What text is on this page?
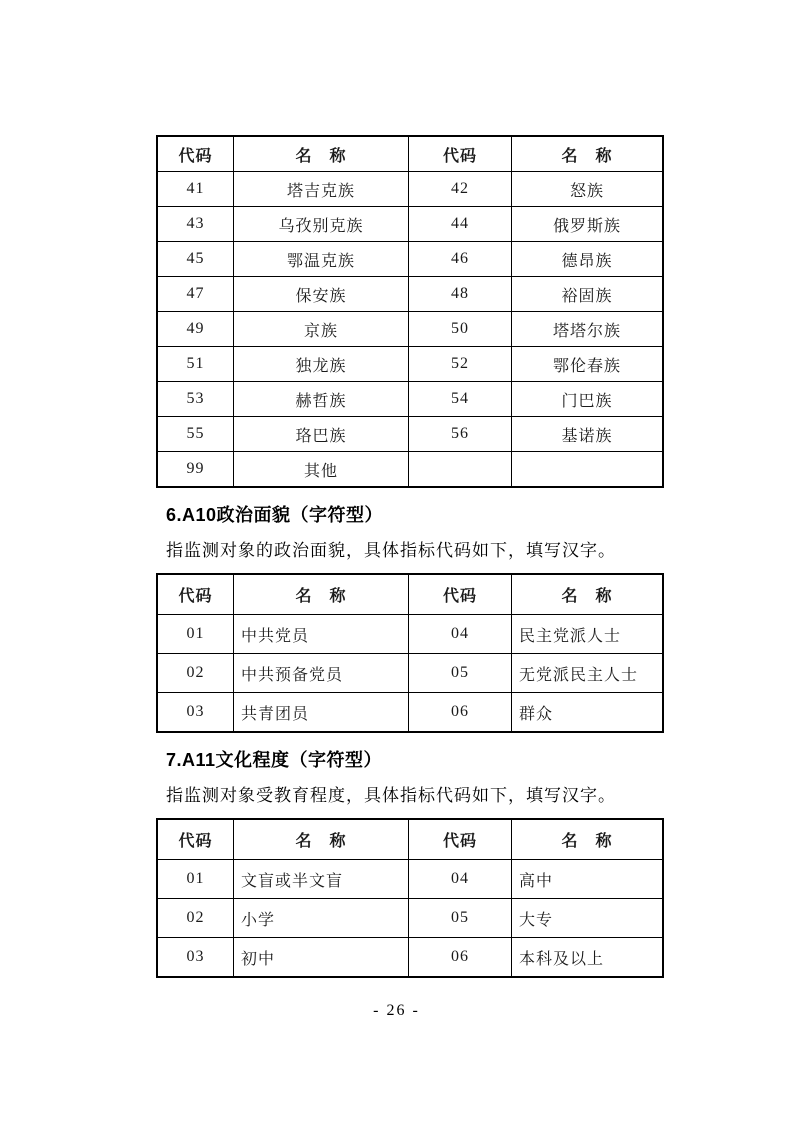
代码	名　称	代码	名　称
41	塔吉克族	42	怒族
43	乌孜别克族	44	俄罗斯族
45	鄂温克族	46	德昂族
47	保安族	48	裕固族
49	京族	50	塔塔尔族
51	独龙族	52	鄂伦春族
53	赫哲族	54	门巴族
55	珞巴族	56	基诺族
99	其他		
6.A10政治面貌（字符型）
指监测对象的政治面貌，具体指标代码如下，填写汉字。
代码	名　称	代码	名　称
01	中共党员	04	民主党派人士
02	中共预备党员	05	无党派民主人士
03	共青团员	06	群众
7.A11文化程度（字符型）
指监测对象受教育程度，具体指标代码如下，填写汉字。
代码	名　称	代码	名　称
01	文盲或半文盲	04	高中
02	小学	05	大专
03	初中	06	本科及以上
- 26 -
